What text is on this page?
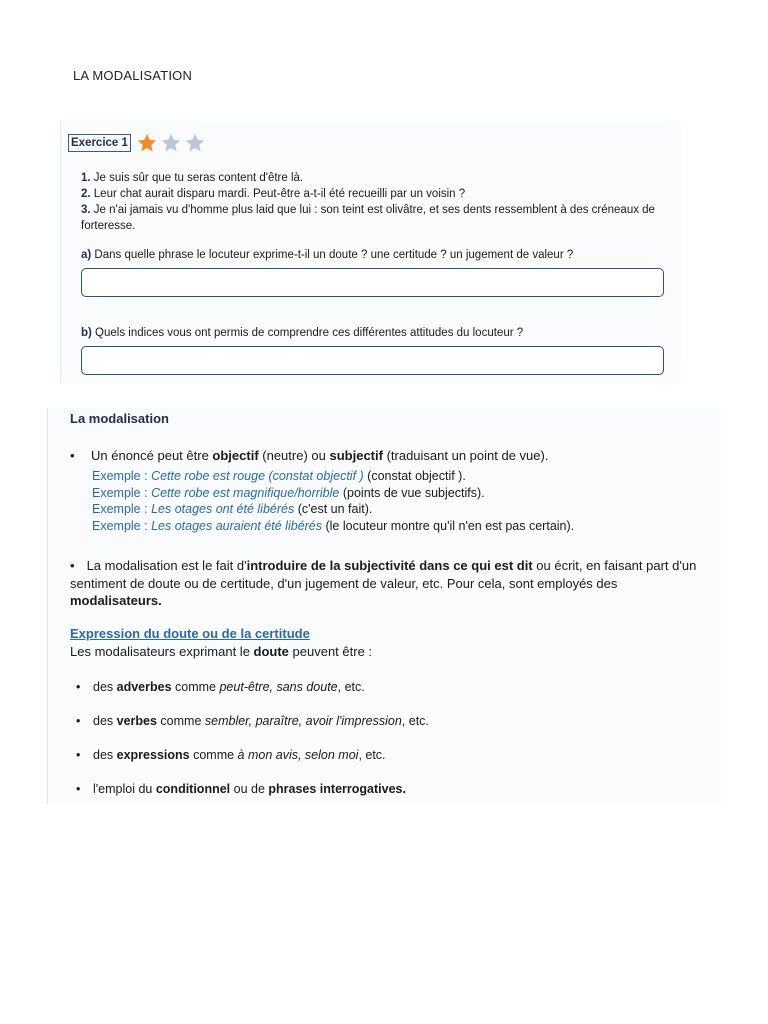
LA MODALISATION
Exercice 1
1. Je suis sûr que tu seras content d'être là.
2. Leur chat aurait disparu mardi. Peut-être a-t-il été recueilli par un voisin ?
3. Je n'ai jamais vu d'homme plus laid que lui : son teint est olivâtre, et ses dents ressemblent à des créneaux de forteresse.
a) Dans quelle phrase le locuteur exprime-t-il un doute ? une certitude ? un jugement de valeur ?
b) Quels indices vous ont permis de comprendre ces différentes attitudes du locuteur ?
La modalisation
• Un énoncé peut être objectif (neutre) ou subjectif (traduisant un point de vue).
Exemple : Cette robe est rouge (constat objectif ) (constat objectif ).
Exemple : Cette robe est magnifique/horrible (points de vue subjectifs).
Exemple : Les otages ont été libérés (c'est un fait).
Exemple : Les otages auraient été libérés (le locuteur montre qu'il n'en est pas certain).
• La modalisation est le fait d'introduire de la subjectivité dans ce qui est dit ou écrit, en faisant part d'un sentiment de doute ou de certitude, d'un jugement de valeur, etc. Pour cela, sont employés des modalisateurs.
Expression du doute ou de la certitude
Les modalisateurs exprimant le doute peuvent être :
• des adverbes comme peut-être, sans doute, etc.
• des verbes comme sembler, paraître, avoir l'impression, etc.
• des expressions comme à mon avis, selon moi, etc.
• l'emploi du conditionnel ou de phrases interrogatives.
